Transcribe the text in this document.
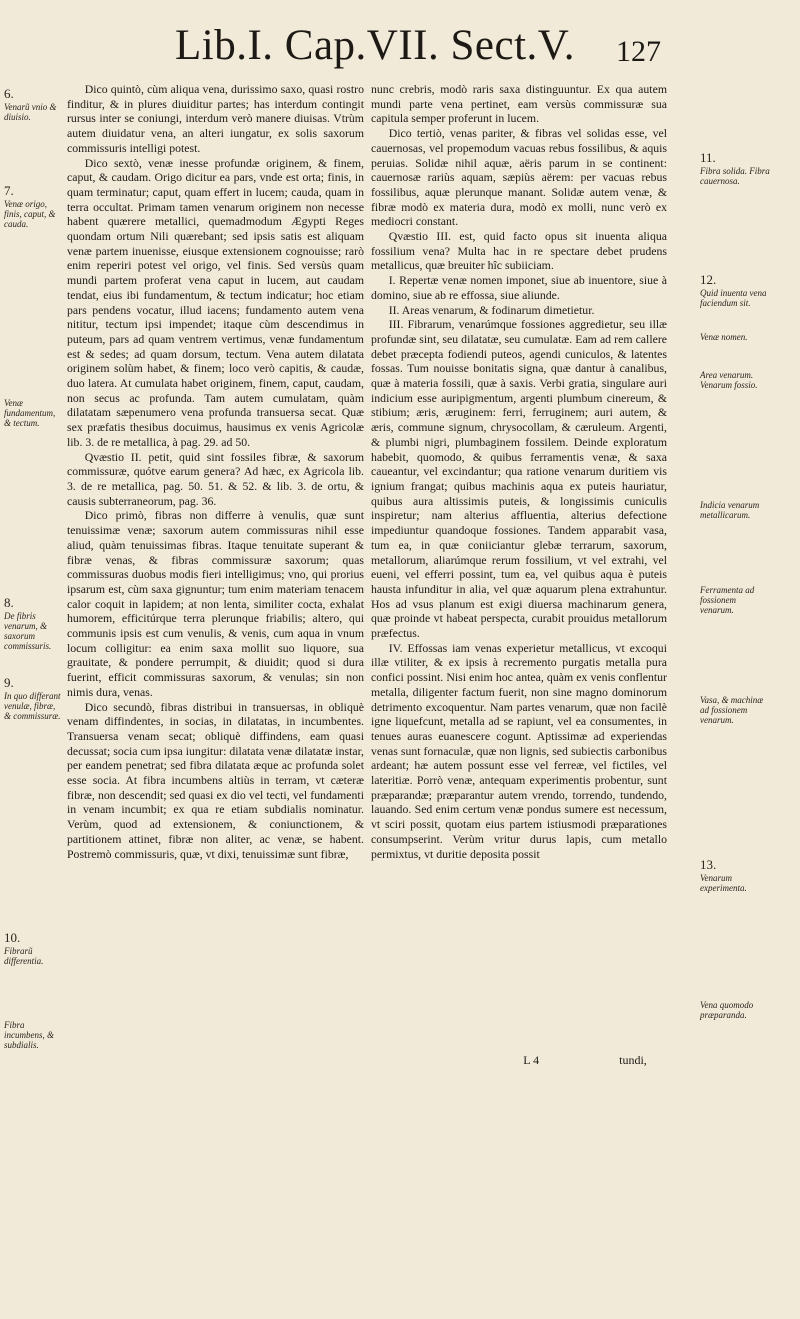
Lib.I. Cap.VII. Sect.V. 127
6.
Venarũ vnio & diuisio.
7.
Venæ origo, finis, caput, & cauda.
Venæ fundamentum, & tectum.
8.
De fibris venarum, & saxorum commissuris.
9.
In quo differant venulæ, fibræ, & commissuræ.
10.
Fibrarũ differentia.
Fibra incumbens, & subdialis.
11.
Fibra solida. Fibra cauernosa.
12.
Quid inuenta vena faciendum sit.
Venæ nomen.
Area venarum. Venarum fossio.
Indicia venarum metallicarum.
Ferramenta ad fossionem venarum.
Vasa, & machinæ ad fossionem venarum.
13.
Venarum experimenta.
Vena quomodo præparanda.

Dico quintò, cùm aliqua vena, durissimo saxo, quasi rostro finditur, & in plures diuiditur partes; has interdum contingit rursus inter se coniungi, interdum verò manere diuisas. Vtrùm autem diuidatur vena, an alteri iungatur, ex solis saxorum commissuris intelligi potest.

Dico sextò, venæ inesse profundæ originem, & finem, caput, & caudam. Origo dicitur ea pars, vnde est orta; finis, in quam terminatur; caput, quam effert in lucem; cauda, quam in terra occultat. Primam tamen venarum originem non necesse habent quærere metallici, quemadmodum Ægypti Reges quondam ortum Nili quærebant; sed ipsis satis est aliquam venæ partem inuenisse, eiusque extensionem cognouisse; rarò enim reperiri potest vel origo, vel finis. Sed versùs quam mundi partem proferat vena caput in lucem, aut caudam tendat, eius ibi fundamentum, & tectum indicatur; hoc etiam pars pendens vocatur, illud iacens; fundamento autem vena nititur, tectum ipsi impendet; itaque cùm descendimus in puteum, pars ad quam ventrem vertimus, venæ fundamentum est & sedes; ad quam dorsum, tectum. Vena autem dilatata originem solùm habet, & finem; loco verò capitis, & caudæ, duo latera. At cumulata habet originem, finem, caput, caudam, non secus ac profunda. Tam autem cumulatam, quàm dilatatam sæpenumero vena profunda transuersa secat. Quæ sex præfatis thesibus docuimus, hausimus ex venis Agricolæ lib. 3. de re metallica, à pag. 29. ad 50.

Qvæstio II. petit, quid sint fossiles fibræ, & saxorum commissuræ, quótve earum genera? Ad hæc, ex Agricola lib. 3. de re metallica, pag. 50. 51. & 52. & lib. 3. de ortu, & causis subterraneorum, pag. 36.

Dico primò, fibras non differre à venulis, quæ sunt tenuissimæ venæ; saxorum autem commissuras nihil esse aliud, quàm tenuissimas fibras. Itaque tenuitate superant & fibræ venas, & fibras commissuræ saxorum; quas commissuras duobus modis fieri intelligimus; vno, qui prorius ipsarum est, cùm saxa gignuntur; tum enim materiam tenacem calor coquit in lapidem; at non lenta, similiter cocta, exhalat humorem, efficitúrque terra plerunque friabilis; altero, qui communis ipsis est cum venulis, & venis, cum aqua in vnum locum colligitur: ea enim saxa mollit suo liquore, sua grauitate, & pondere perrumpit, & diuidit; quod si dura fuerint, efficit commissuras saxorum, & venulas; sin non nimis dura, venas.

Dico secundò, fibras distribui in transuersas, in obliquè venam diffindentes, in socias, in dilatatas, in incumbentes. Transuersa venam secat; obliquè diffindens, eam quasi decussat; socia cum ipsa iungitur: dilatata venæ dilatatæ instar, per eandem penetrat; sed fibra dilatata æque ac profunda solet esse socia. At fibra incumbens altiùs in terram, vt cæteræ fibræ, non descendit; sed quasi ex dio vel tecti, vel fundamenti in venam incumbit; ex qua re etiam subdialis nominatur. Verùm, quod ad extensionem, & coniunctionem, & partitionem attinet, fibræ non aliter, ac venæ, se habent. Postremò commissuris, quæ, vt dixi, tenuissimæ sunt fibræ,

nunc crebris, modò raris saxa distinguuntur. Ex qua autem mundi parte vena pertinet, eam versùs commissuræ sua capitula semper proferunt in lucem.

Dico tertiò, venas pariter, & fibras vel solidas esse, vel cauernosas, vel propemodum vacuas rebus fossilibus, & aquis peruias. Solidæ nihil aquæ, aëris parum in se continent: cauernosæ rariùs aquam, sæpiùs aërem: per vacuas rebus fossilibus, aquæ plerunque manant. Solidæ autem venæ, & fibræ modò ex materia dura, modò ex molli, nunc verò ex mediocri constant.

Qvæstio III. est, quid facto opus sit inuenta aliqua fossilium vena? Multa hac in re spectare debet prudens metallicus, quæ breuiter hîc subiiciam.

I. Repertæ venæ nomen imponet, siue ab inuentore, siue à domino, siue ab re effossa, siue aliunde.

II. Areas venarum, & fodinarum dimetietur.

III. Fibrarum, venarúmque fossiones aggredietur, seu illæ profundæ sint, seu dilatatæ, seu cumulatæ. Eam ad rem callere debet præcepta fodiendi puteos, agendi cuniculos, & latentes fossas. Tum nouisse bonitatis signa, quæ dantur à canalibus, quæ à materia fossili, quæ à saxis. Verbi gratia, singulare auri indicium esse auripigmentum, argenti plumbum cinereum, & stibium; æris, æruginem: ferri, ferruginem; auri autem, & æris, commune signum, chrysocollam, & cæruleum. Argenti, & plumbi nigri, plumbaginem fossilem. Deinde exploratum habebit, quomodo, & quibus ferramentis venæ, & saxa caueantur, vel excindantur; qua ratione venarum duritiem vis ignium frangat; quibus machinis aqua ex puteis hauriatur, quibus aura altissimis puteis, & longissimis cuniculis inspiretur; nam alterius affluentia, alterius defectione impediuntur quandoque fossiones. Tandem apparabit vasa, tum ea, in quæ coniiciantur glebæ terrarum, saxorum, metallorum, aliarúmque rerum fossilium, vt vel extrahi, vel eueni, vel efferri possint, tum ea, vel quibus aqua è puteis hausta infunditur in alia, vel quæ aquarum plena extrahuntur. Hos ad vsus planum est exigi diuersa machinarum genera, quæ proinde vt habeat perspecta, curabit prouidus metallorum præfectus.

IV. Effossas iam venas experietur metallicus, vt excoqui illæ vtiliter, & ex ipsis à recremento purgatis metalla pura confici possint. Nisi enim hoc antea, quàm ex venis conflentur metalla, diligenter factum fuerit, non sine magno dominorum detrimento excoquentur. Nam partes venarum, quæ non facilè igne liquefcunt, metalla ad se rapiunt, vel ea consumentes, in tenues auras euanescere cogunt. Aptissimæ ad experiendas venas sunt fornaculæ, quæ non lignis, sed subiectis carbonibus ardeant; hæ autem possunt esse vel ferreæ, vel fictiles, vel lateritiæ. Porrò venæ, antequam experimentis probentur, sunt præparandæ; præparantur autem vrendo, torrendo, tundendo, lauando. Sed enim certum venæ pondus sumere est necessum, vt sciri possit, quotam eius partem istiusmodi præparationes consumpserint. Verùm vritur durus lapis, cum metallo permixtus, vt duritie deposita possit

L 4	tundi,
